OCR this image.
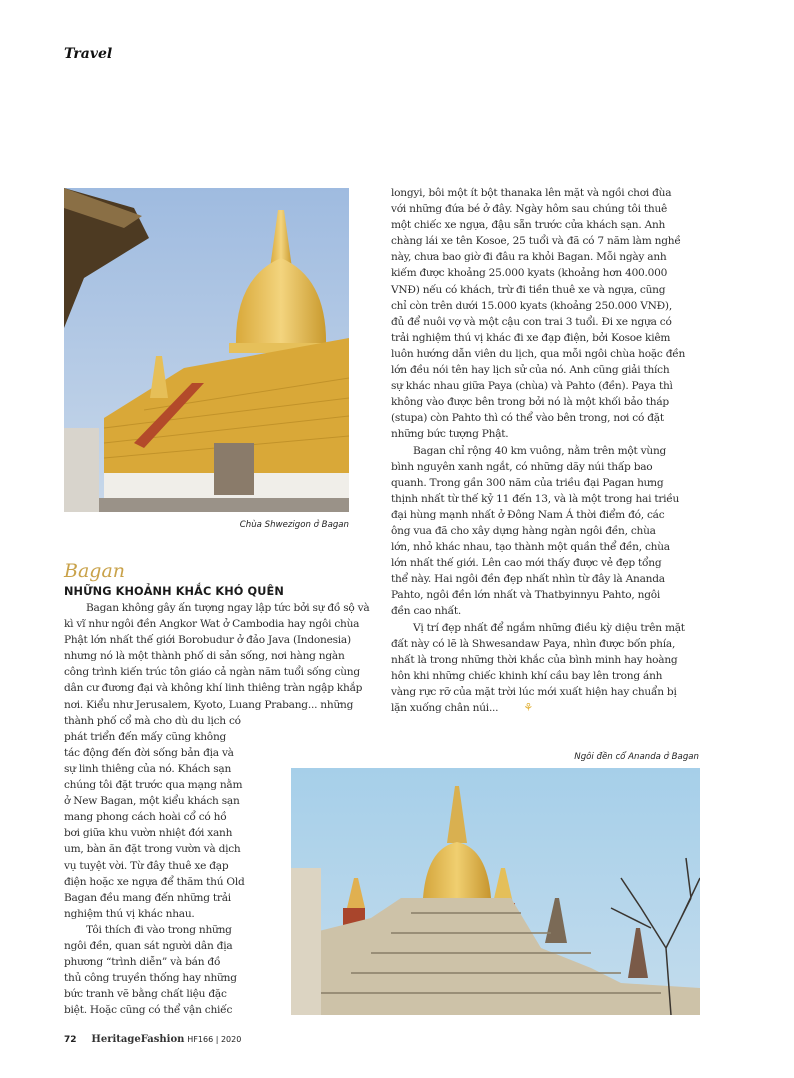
Travel
Chùa Shwezigon ở Bagan
Bagan
NHỮNG KHOẢNH KHẮC KHÓ QUÊN

Bagan không gây ấn tượng ngay lập tức bởi sự đồ sộ và
kì vĩ như ngôi đền Angkor Wat ở Cambodia hay ngôi chùa
Phật lớn nhất thế giới Borobudur ở đảo Java (Indonesia)
nhưng nó là một thành phố di sản sống, nơi hàng ngàn
công trình kiến trúc tôn giáo cả ngàn năm tuổi sống cùng
dân cư đương đại và không khí linh thiêng tràn ngập khắp
nơi. Kiểu như Jerusalem, Kyoto, Luang Prabang... những
thành phố cổ mà cho dù du lịch có
phát triển đến mấy cũng không
tác động đến đời sống bản địa và
sự linh thiêng của nó. Khách sạn
chúng tôi đặt trước qua mạng nằm
ở New Bagan, một kiểu khách sạn
mang phong cách hoài cổ có hồ
bơi giữa khu vườn nhiệt đới xanh
um, bàn ăn đặt trong vườn và dịch
vụ tuyệt vời. Từ đây thuê xe đạp
điện hoặc xe ngựa để thăm thú Old
Bagan đều mang đến những trải
nghiệm thú vị khác nhau.

Tôi thích đi vào trong những
ngôi đền, quan sát người dân địa
phương “trình diễn” và bán đồ
thủ công truyền thống hay những
bức tranh vẽ bằng chất liệu đặc
biệt. Hoặc cũng có thể vận chiếc

longyi, bôi một ít bột thanaka lên mặt và ngồi chơi đùa
với những đứa bé ở đây. Ngày hôm sau chúng tôi thuê
một chiếc xe ngựa, đậu sẵn trước cửa khách sạn. Anh
chàng lái xe tên Kosoe, 25 tuổi và đã có 7 năm làm nghề
này, chưa bao giờ đi đâu ra khỏi Bagan. Mỗi ngày anh
kiếm được khoảng 25.000 kyats (khoảng hơn 400.000
VNĐ) nếu có khách, trừ đi tiền thuê xe và ngựa, cũng
chỉ còn trên dưới 15.000 kyats (khoảng 250.000 VNĐ),
đủ để nuôi vợ và một cậu con trai 3 tuổi. Đi xe ngựa có
trải nghiệm thú vị khác đi xe đạp điện, bởi Kosoe kiêm
luôn hướng dẫn viên du lịch, qua mỗi ngôi chùa hoặc đền
lớn đều nói tên hay lịch sử của nó. Anh cũng giải thích
sự khác nhau giữa Paya (chùa) và Pahto (đền). Paya thì
không vào được bên trong bởi nó là một khối bảo tháp
(stupa) còn Pahto thì có thể vào bên trong, nơi có đặt
những bức tượng Phật.

Bagan chỉ rộng 40 km vuông, nằm trên một vùng
bình nguyên xanh ngắt, có những dãy núi thấp bao
quanh. Trong gần 300 năm của triều đại Pagan hưng
thịnh nhất từ thế kỷ 11 đến 13, và là một trong hai triều
đại hùng mạnh nhất ở Đông Nam Á thời điểm đó, các
ông vua đã cho xây dựng hàng ngàn ngôi đền, chùa
lớn, nhỏ khác nhau, tạo thành một quần thể đền, chùa
lớn nhất thế giới. Lên cao mới thấy được vẻ đẹp tổng
thể này. Hai ngôi đền đẹp nhất nhìn từ đây là Ananda
Pahto, ngôi đền lớn nhất và Thatbyinnyu Pahto, ngôi
đền cao nhất.

Vị trí đẹp nhất để ngắm những điều kỳ diệu trên mặt
đất này có lẽ là Shwesandaw Paya, nhìn được bốn phía,
nhất là trong những thời khắc của bình minh hay hoàng
hôn khi những chiếc khinh khí cầu bay lên trong ánh
vàng rực rỡ của mặt trời lúc mới xuất hiện hay chuẩn bị
lặn xuống chân núi... ⚘

Ngôi đền cổ Ananda ở Bagan
72 HeritageFashion HF166 | 2020
